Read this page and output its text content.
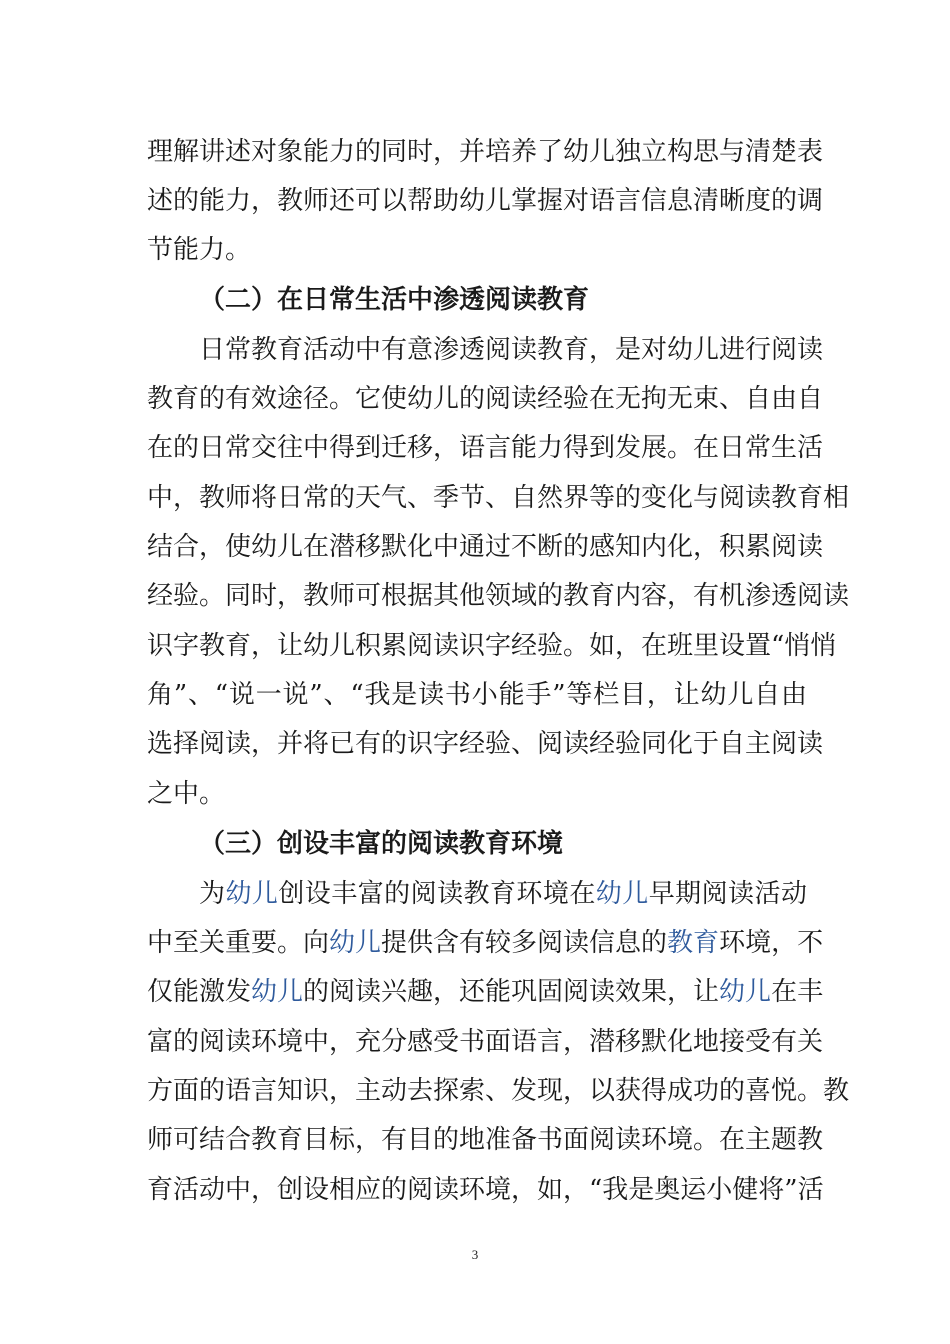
理解讲述对象能力的同时，并培养了幼儿独立构思与清楚表
述的能力，教师还可以帮助幼儿掌握对语言信息清晰度的调
节能力。
（二）在日常生活中渗透阅读教育
日常教育活动中有意渗透阅读教育，是对幼儿进行阅读
教育的有效途径。它使幼儿的阅读经验在无拘无束、自由自
在的日常交往中得到迁移，语言能力得到发展。在日常生活
中，教师将日常的天气、季节、自然界等的变化与阅读教育相
结合，使幼儿在潜移默化中通过不断的感知内化，积累阅读
经验。同时，教师可根据其他领域的教育内容，有机渗透阅读
识字教育，让幼儿积累阅读识字经验。如，在班里设置“悄悄
角”、“说一说”、“我是读书小能手”等栏目，让幼儿自由
选择阅读，并将已有的识字经验、阅读经验同化于自主阅读
之中。
（三）创设丰富的阅读教育环境
为幼儿创设丰富的阅读教育环境在幼儿早期阅读活动
中至关重要。向幼儿提供含有较多阅读信息的教育环境，不
仅能激发幼儿的阅读兴趣，还能巩固阅读效果，让幼儿在丰
富的阅读环境中，充分感受书面语言，潜移默化地接受有关
方面的语言知识，主动去探索、发现，以获得成功的喜悦。教
师可结合教育目标，有目的地准备书面阅读环境。在主题教
育活动中，创设相应的阅读环境，如，“我是奥运小健将”活
3
